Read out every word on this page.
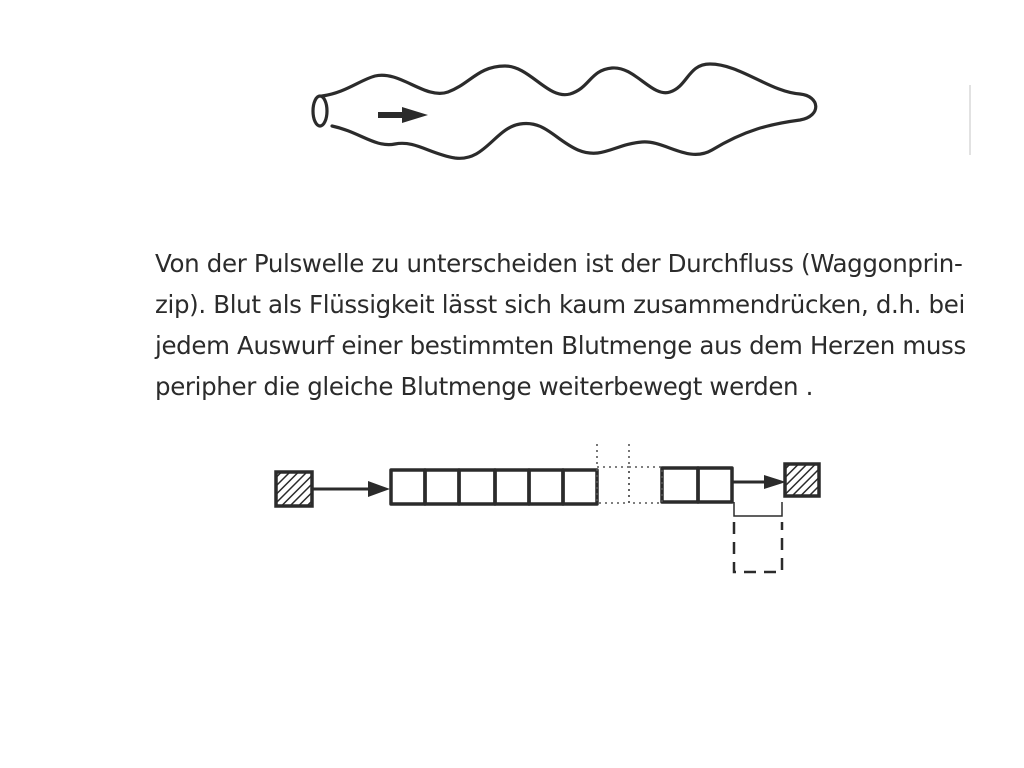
Von der Pulswelle zu unterscheiden ist der Durchfluss (Waggonprin-
zip). Blut als Flüssigkeit lässt sich kaum zusammendrücken, d.h. bei
jedem Auswurf einer bestimmten Blutmenge aus dem Herzen muss
peripher die gleiche Blutmenge weiterbewegt werden .
